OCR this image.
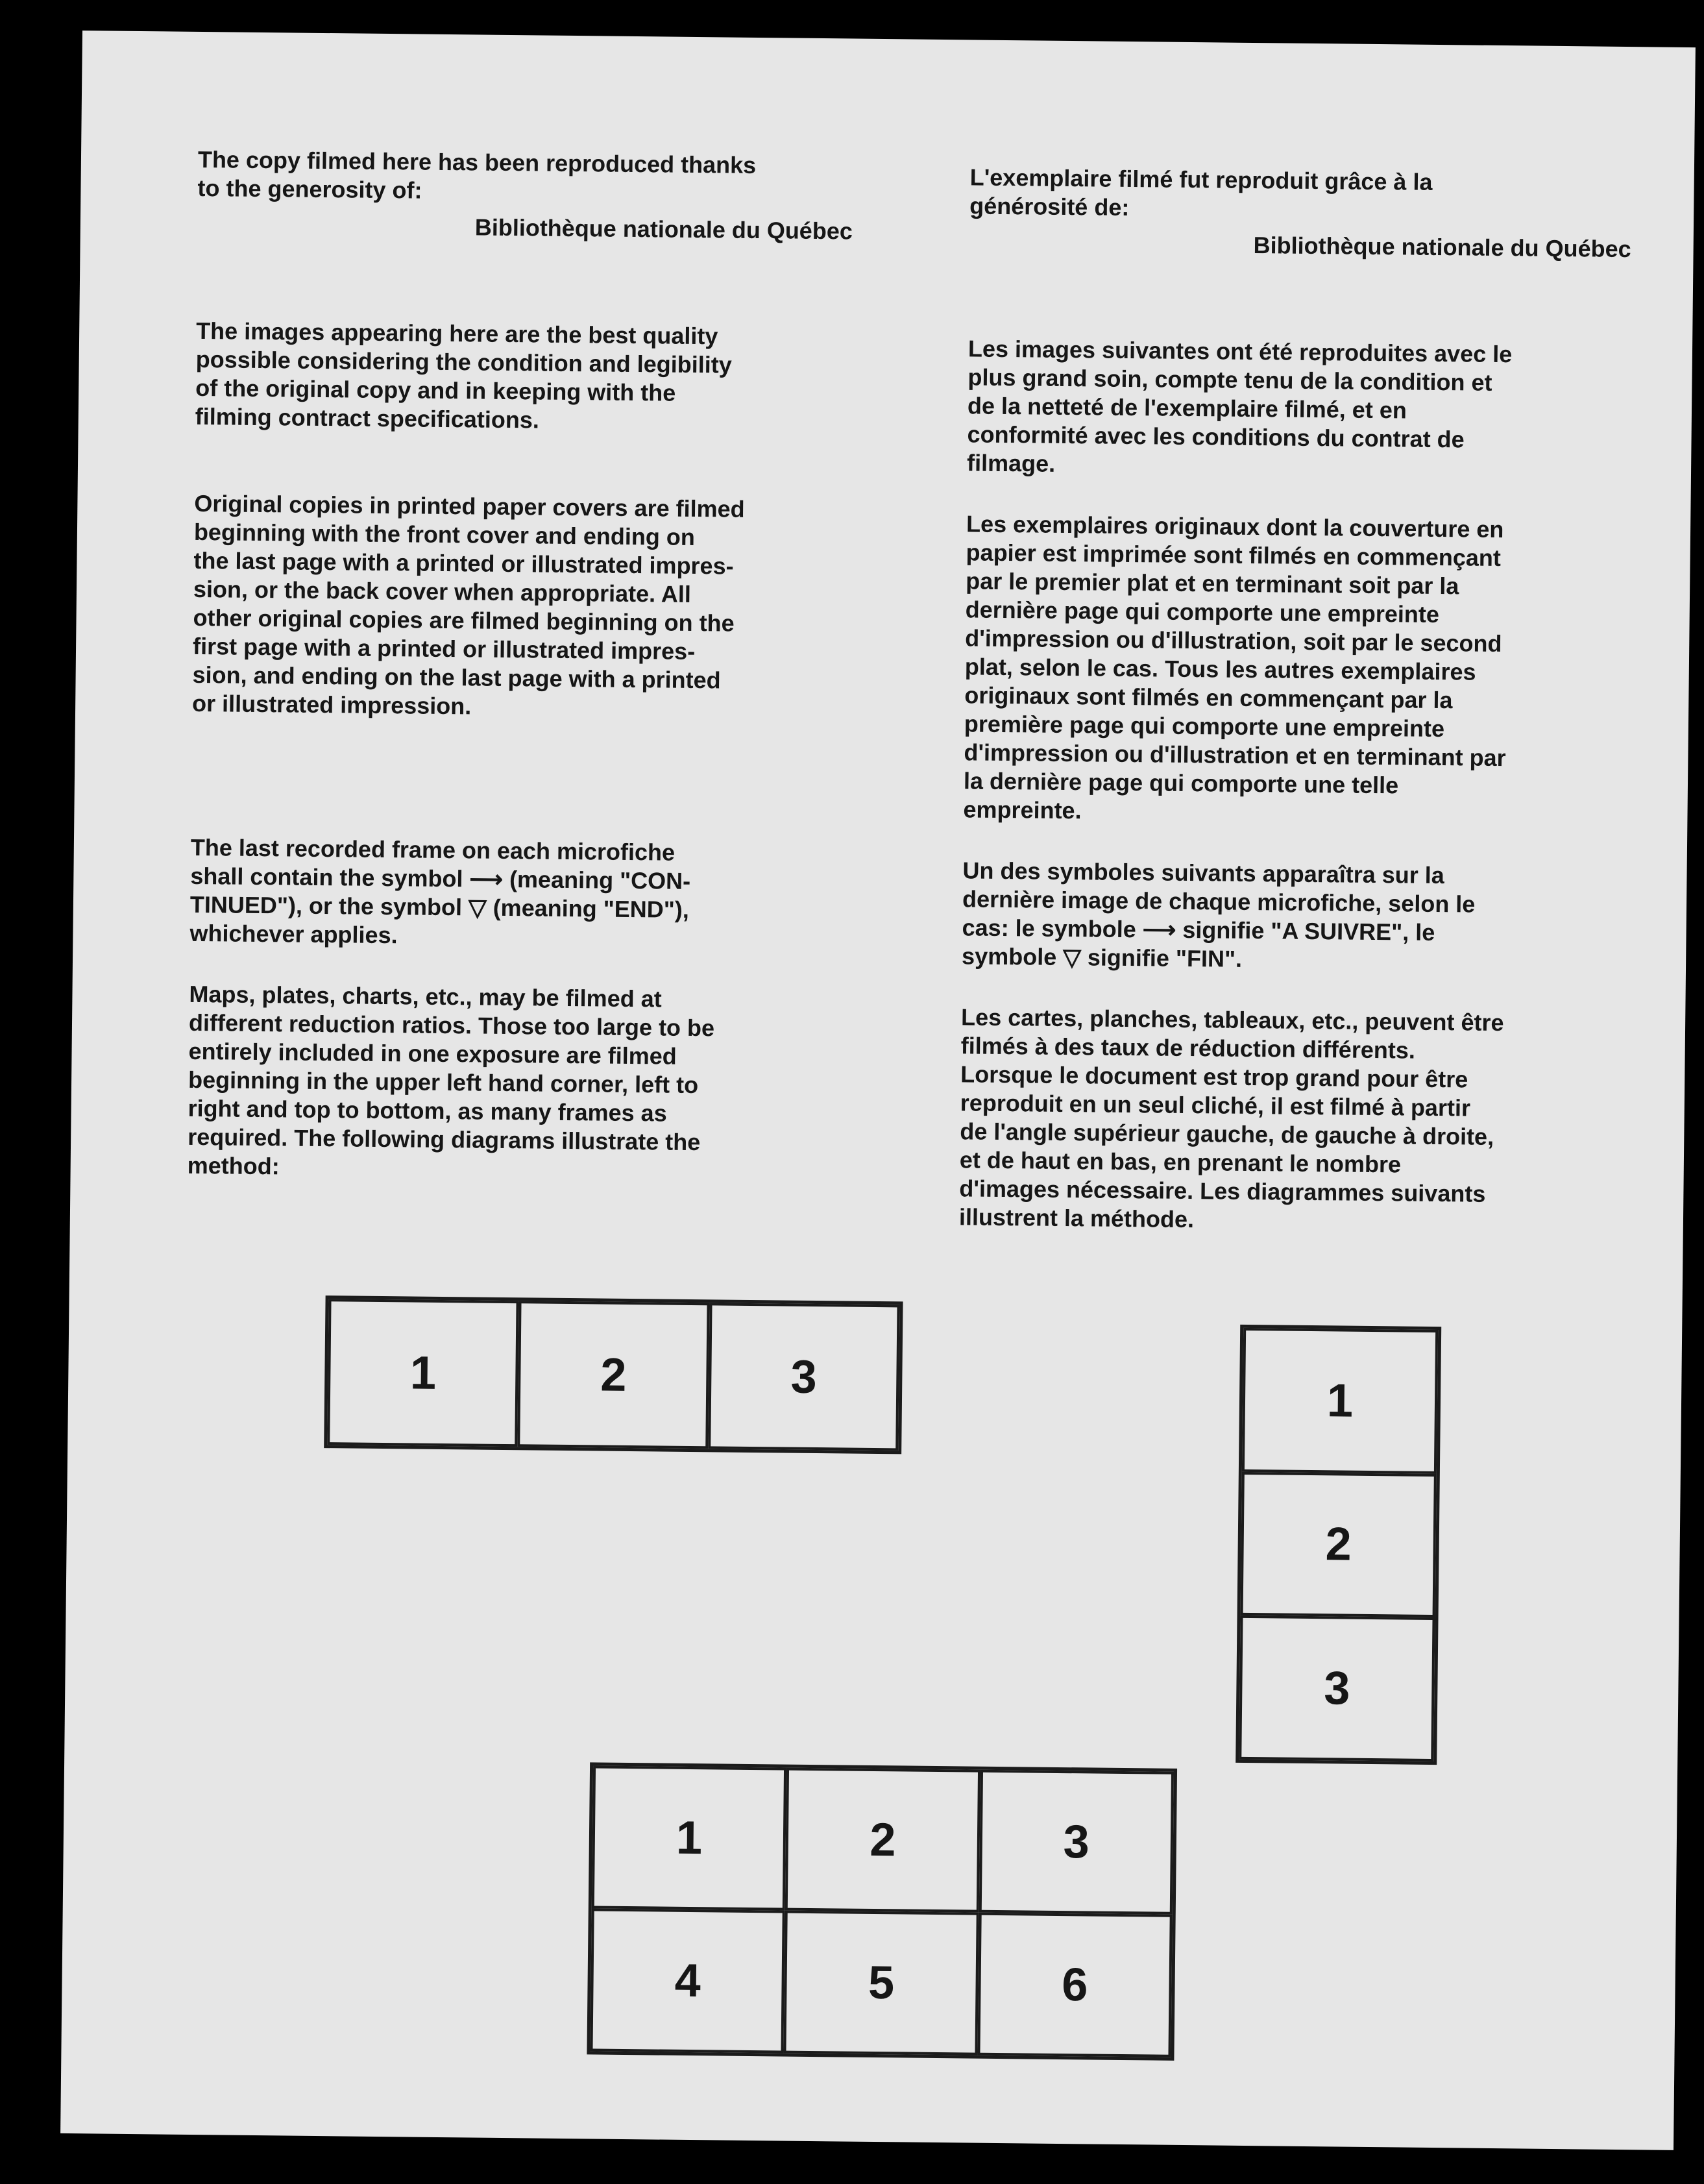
The copy filmed here has been reproduced thanks
to the generosity of:

Bibliothèque nationale du Québec

The images appearing here are the best quality
possible considering the condition and legibility
of the original copy and in keeping with the
filming contract specifications.

Original copies in printed paper covers are filmed
beginning with the front cover and ending on
the last page with a printed or illustrated impres-
sion, or the back cover when appropriate. All
other original copies are filmed beginning on the
first page with a printed or illustrated impres-
sion, and ending on the last page with a printed
or illustrated impression.

The last recorded frame on each microfiche
shall contain the symbol ⟶ (meaning "CON-
TINUED"), or the symbol ▽ (meaning "END"),
whichever applies.

Maps, plates, charts, etc., may be filmed at
different reduction ratios. Those too large to be
entirely included in one exposure are filmed
beginning in the upper left hand corner, left to
right and top to bottom, as many frames as
required. The following diagrams illustrate the
method:

L'exemplaire filmé fut reproduit grâce à la
générosité de:

Bibliothèque nationale du Québec

Les images suivantes ont été reproduites avec le
plus grand soin, compte tenu de la condition et
de la netteté de l'exemplaire filmé, et en
conformité avec les conditions du contrat de
filmage.

Les exemplaires originaux dont la couverture en
papier est imprimée sont filmés en commençant
par le premier plat et en terminant soit par la
dernière page qui comporte une empreinte
d'impression ou d'illustration, soit par le second
plat, selon le cas. Tous les autres exemplaires
originaux sont filmés en commençant par la
première page qui comporte une empreinte
d'impression ou d'illustration et en terminant par
la dernière page qui comporte une telle
empreinte.

Un des symboles suivants apparaîtra sur la
dernière image de chaque microfiche, selon le
cas: le symbole ⟶ signifie "A SUIVRE", le
symbole ▽ signifie "FIN".

Les cartes, planches, tableaux, etc., peuvent être
filmés à des taux de réduction différents.
Lorsque le document est trop grand pour être
reproduit en un seul cliché, il est filmé à partir
de l'angle supérieur gauche, de gauche à droite,
et de haut en bas, en prenant le nombre
d'images nécessaire. Les diagrammes suivants
illustrent la méthode.

1	2	3	1
2
3
1	2	3
4	5	6
